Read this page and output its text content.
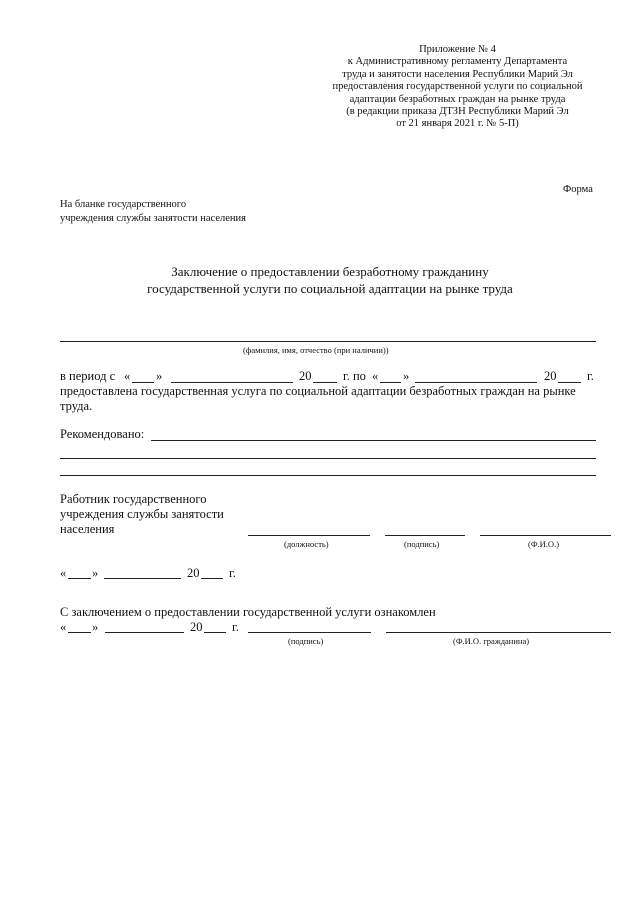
Приложение № 4
к Административному регламенту Департамента
труда и занятости населения Республики Марий Эл
предоставления государственной услуги по социальной
адаптации безработных граждан на рынке труда
(в редакции приказа ДТЗН Республики Марий Эл
от 21 января 2021 г. № 5-П)
Форма
На бланке государственного
учреждения службы занятости населения
Заключение о предоставлении безработному гражданину
государственной услуги по социальной адаптации на рынке труда
(фамилия, имя, отчество (при наличии))
в период с « »	20	г. по « »	20 г.
предоставлена государственная услуга по социальной адаптации безработных граждан на рынке
труда.
Рекомендовано:
Работник государственного
учреждения службы занятости
населения
(должность)	(подпись)	(Ф.И.О.)
« »	20 г.
С заключением о предоставлении государственной услуги ознакомлен
« »	20 г.
(подпись)	(Ф.И.О. гражданина)
